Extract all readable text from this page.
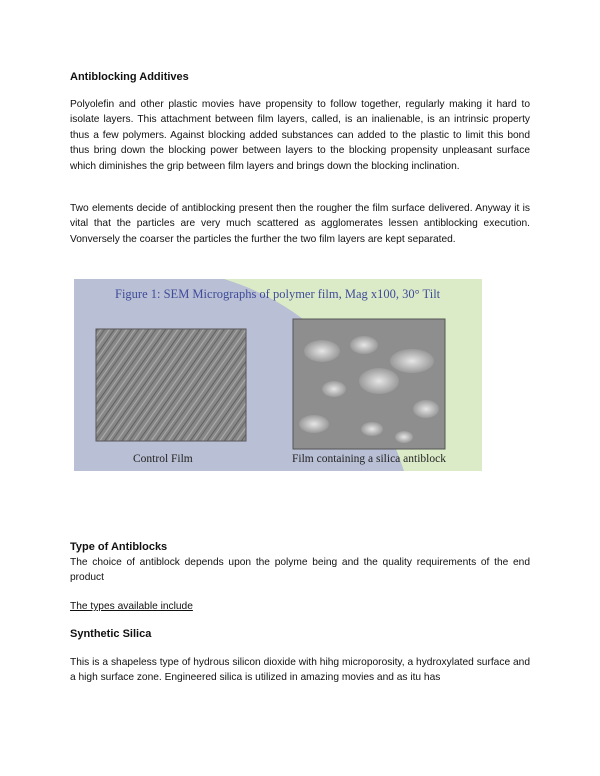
Antiblocking Additives

Polyolefin and other plastic movies have propensity to follow together, regularly making it hard to isolate layers. This attachment between film layers, called, is an inalienable, is an intrinsic property thus a few polymers. Against blocking added substances can added to the plastic to limit this bond thus bring down the blocking power between layers to the blocking propensity unpleasant surface which diminishes the grip between film layers and brings down the blocking inclination.

Two elements decide of antiblocking present then the rougher the film surface delivered. Anyway it is vital that the particles are very much scattered as agglomerates lessen antiblocking execution. Vonversely the coarser the particles the further the two film layers are kept separated.

Figure 1: SEM Micrographs of polymer film, Mag x100, 30° Tilt
Control Film	Film containing a silica antiblock

Type of Antiblocks

The choice of antiblock depends upon the polyme being and the quality requirements of the end product

The types available include

Synthetic Silica

This is a shapeless type of hydrous silicon dioxide with hihg microporosity, a hydroxylated surface and a high surface zone. Engineered silica is utilized in amazing movies and as itu has
